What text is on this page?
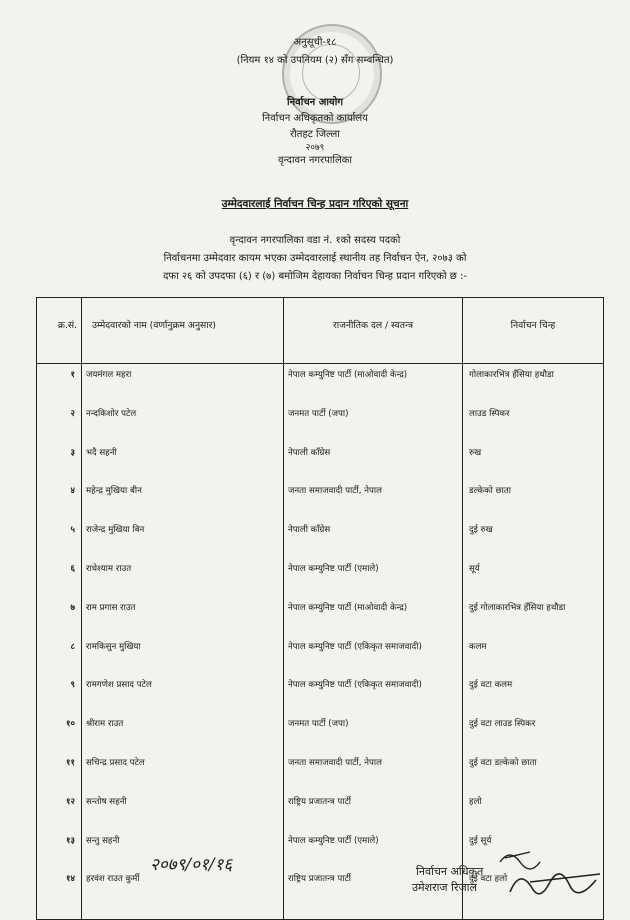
अनुसूची-१८
(नियम १४ को उपनियम (२) सँग सम्बन्धित)
निर्वाचन आयोग
निर्वाचन अधिकृतको कार्यालय
रौतहट जिल्ला
२०७९
वृन्दावन नगरपालिका
उम्मेदवारलाई निर्वाचन चिन्ह प्रदान गरिएको सूचना
वृन्दावन नगरपालिका वडा नं. १को सदस्य पदको
निर्वाचनमा उम्मेदवार कायम भएका उम्मेदवारलाई स्थानीय तह निर्वाचन ऐन, २०७३ को
दफा २६ को उपदफा (६) र (७) बमोजिम देहायका निर्वाचन चिन्ह प्रदान गरिएको छ :-
क्र.सं.	उम्मेदवारको नाम (वर्णानुक्रम अनुसार)	राजनीतिक दल / स्वतन्त्र	निर्वाचन चिन्ह
१	जयमंगल महरा	नेपाल कम्युनिष्ट पार्टी (माओवादी केन्द्र)	गोलाकारभित्र हँसिया हथौडा
२	नन्दकिशोर पटेल	जनमत पार्टी (जपा)	लाउड स्पिकर
३	भदै सहनी	नेपाली काँग्रेस	रुख
४	महेन्द्र मुखिया बीन	जनता समाजवादी पार्टी, नेपाल	डल्केको छाता
५	राजेन्द्र मुखिया बिन	नेपाली काँग्रेस	दुई रुख
६	राधेश्याम राउत	नेपाल कम्युनिष्ट पार्टी (एमाले)	सूर्य
७	राम प्रगास राउत	नेपाल कम्युनिष्ट पार्टी (माओवादी केन्द्र)	दुई गोलाकारभित्र हँसिया हथौडा
८	रामकिसुन मुखिया	नेपाल कम्युनिष्ट पार्टी (एकिकृत समाजवादी)	कलम
९	रामगणेश प्रसाद पटेल	नेपाल कम्युनिष्ट पार्टी (एकिकृत समाजवादी)	दुई वटा कलम
१०	श्रीराम राउत	जनमत पार्टी (जपा)	दुई वटा लाउड स्पिकर
११	सचिन्द्र प्रसाद पटेल	जनता समाजवादी पार्टी, नेपाल	दुई वटा डल्केको छाता
१२	सन्तोष सहनी	राष्ट्रिय प्रजातन्त्र पार्टी	हलो
१३	सन्तु सहनी	नेपाल कम्युनिष्ट पार्टी (एमाले)	दुई सूर्य
१४	हरवंश राउत कुर्मी	राष्ट्रिय प्रजातन्त्र पार्टी	दुई वटा हलो
२०७९/०१/१६	निर्वाचन अधिकृत
उमेशराज रिजाल
